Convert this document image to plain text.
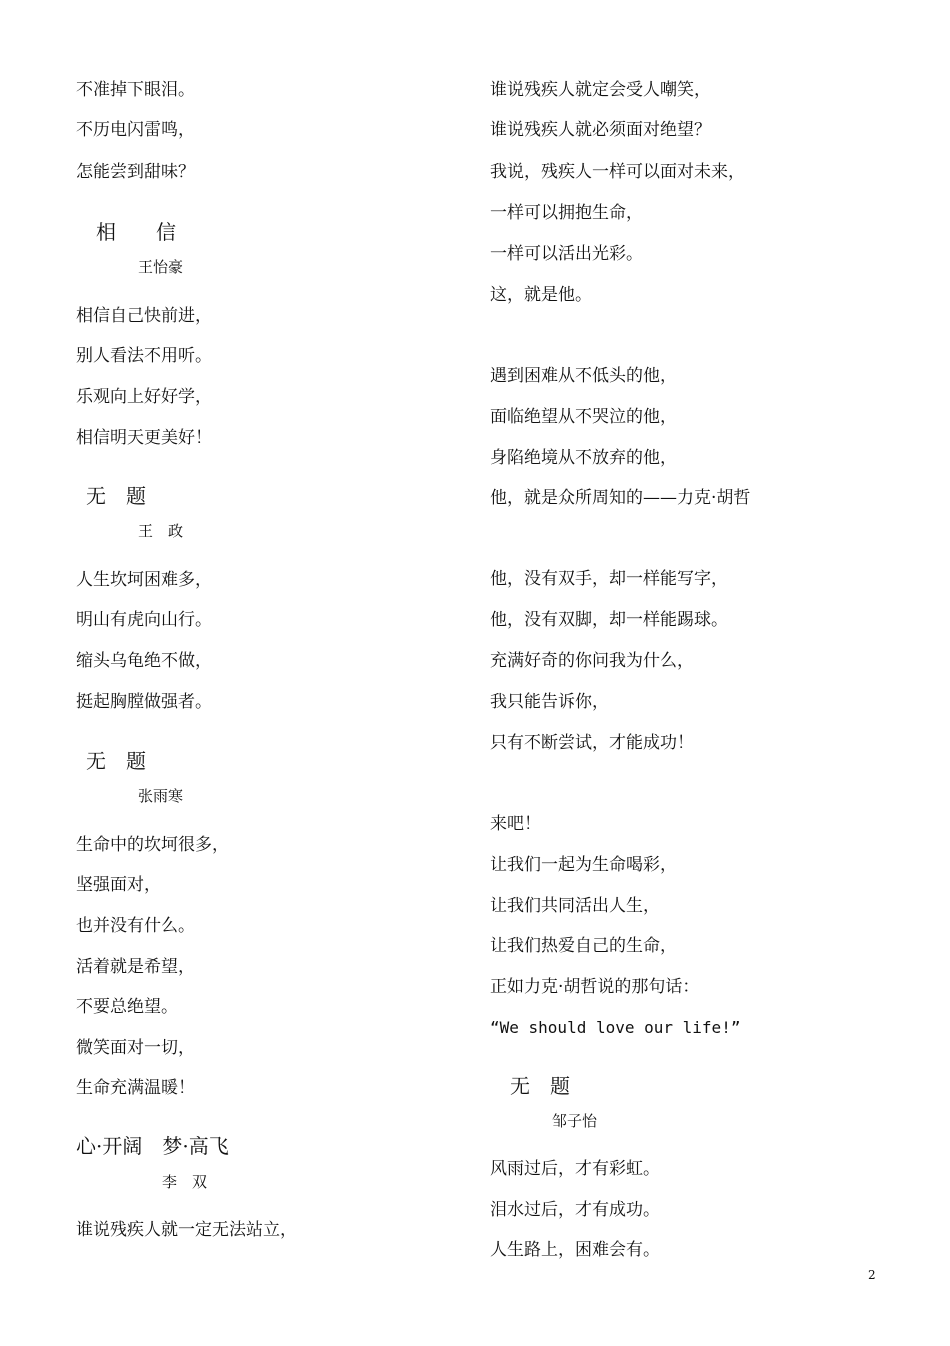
不准掉下眼泪。
不历电闪雷鸣，
怎能尝到甜味？
相　　信
王怡豪
相信自己快前进，
别人看法不用听。
乐观向上好好学，
相信明天更美好！
无　题
王　政
人生坎坷困难多，
明山有虎向山行。
缩头乌龟绝不做，
挺起胸膛做强者。
无　题
张雨寒
生命中的坎坷很多，
坚强面对，
也并没有什么。
活着就是希望，
不要总绝望。
微笑面对一切，
生命充满温暖！
心·开阔　梦·高飞
李　双
谁说残疾人就一定无法站立，
谁说残疾人就定会受人嘲笑，
谁说残疾人就必须面对绝望？
我说，残疾人一样可以面对未来，
一样可以拥抱生命，
一样可以活出光彩。
这，就是他。
遇到困难从不低头的他，
面临绝望从不哭泣的他，
身陷绝境从不放弃的他，
他，就是众所周知的——力克·胡哲
他，没有双手，却一样能写字，
他，没有双脚，却一样能踢球。
充满好奇的你问我为什么，
我只能告诉你，
只有不断尝试，才能成功！
来吧！
让我们一起为生命喝彩，
让我们共同活出人生，
让我们热爱自己的生命，
正如力克·胡哲说的那句话：
“We should love our life!”
无　题
邹子怡
风雨过后，才有彩虹。
泪水过后，才有成功。
人生路上，困难会有。
2
